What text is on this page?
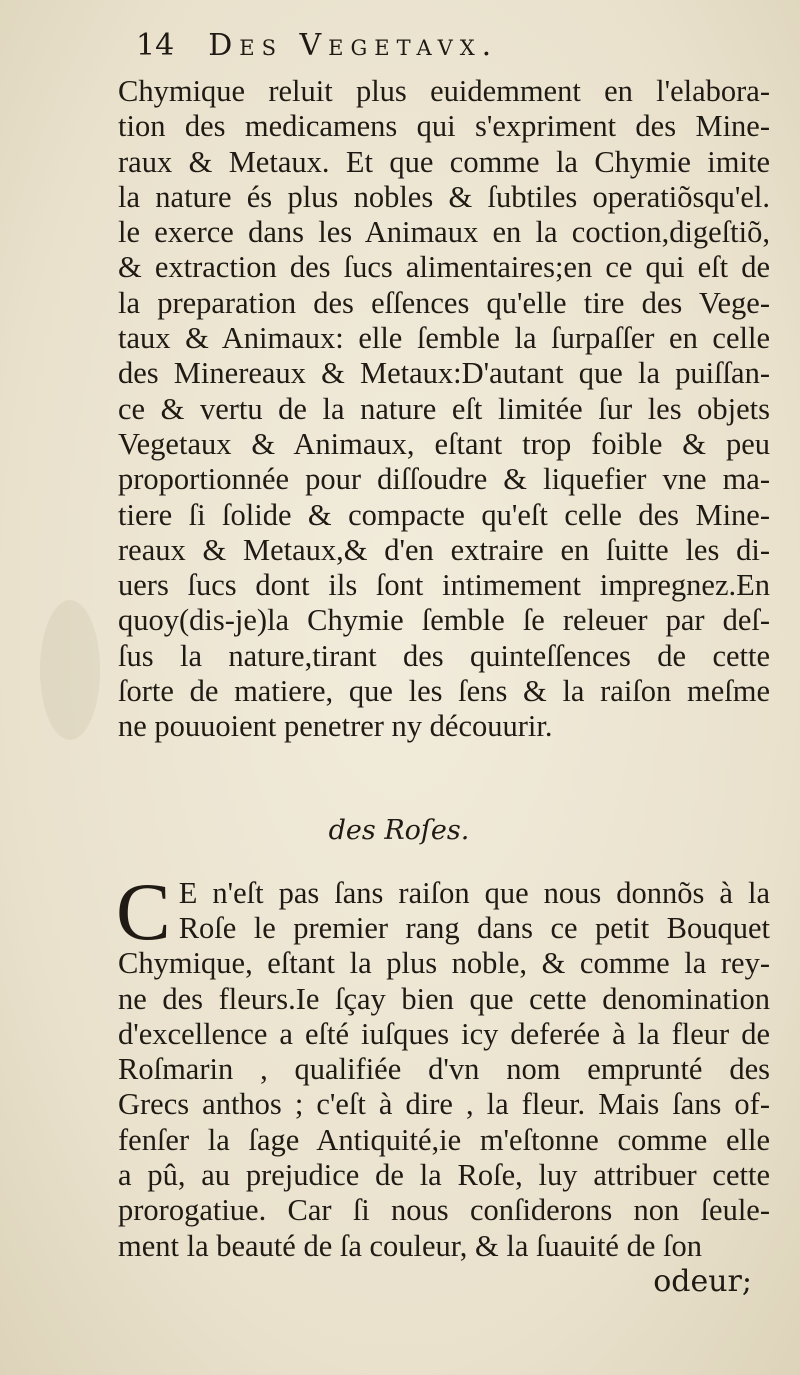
14 Des Vegetavx.
Chymique reluit plus euidemment en l'elabora-
tion des medicamens qui s'expriment des Mine-
raux & Metaux. Et que comme la Chymie imite
la nature és plus nobles & ſubtiles operatiõsqu'el.
le exerce dans les Animaux en la coction,digeſtiõ,
& extraction des ſucs alimentaires;en ce qui eſt de
la preparation des eſſences qu'elle tire des Vege-
taux & Animaux: elle ſemble la ſurpaſſer en celle
des Minereaux & Metaux:D'autant que la puiſſan-
ce & vertu de la nature eſt limitée ſur les objets
Vegetaux & Animaux, eſtant trop foible & peu
proportionnée pour diſſoudre & liquefier vne ma-
tiere ſi ſolide & compacte qu'eſt celle des Mine-
reaux & Metaux,& d'en extraire en ſuitte les di-
uers ſucs dont ils ſont intimement impregnez.En
quoy(dis-je)la Chymie ſemble ſe releuer par deſ-
ſus la nature,tirant des quinteſſences de cette
ſorte de matiere, que les ſens & la raiſon meſme
ne pouuoient penetrer ny découurir.
des Roſes.
C E n'eſt pas ſans raiſon que nous donnõs à la
Roſe le premier rang dans ce petit Bouquet
Chymique, eſtant la plus noble, & comme la rey-
ne des fleurs.Ie ſçay bien que cette denomination
d'excellence a eſté iuſques icy deferée à la fleur de
Roſmarin , qualifiée d'vn nom emprunté des
Grecs anthos ; c'eſt à dire , la fleur. Mais ſans of-
fenſer la ſage Antiquité,ie m'eſtonne comme elle
a pû, au prejudice de la Roſe, luy attribuer cette
prorogatiue. Car ſi nous conſiderons non ſeule-
ment la beauté de ſa couleur, & la ſuauité de ſon
odeur;
